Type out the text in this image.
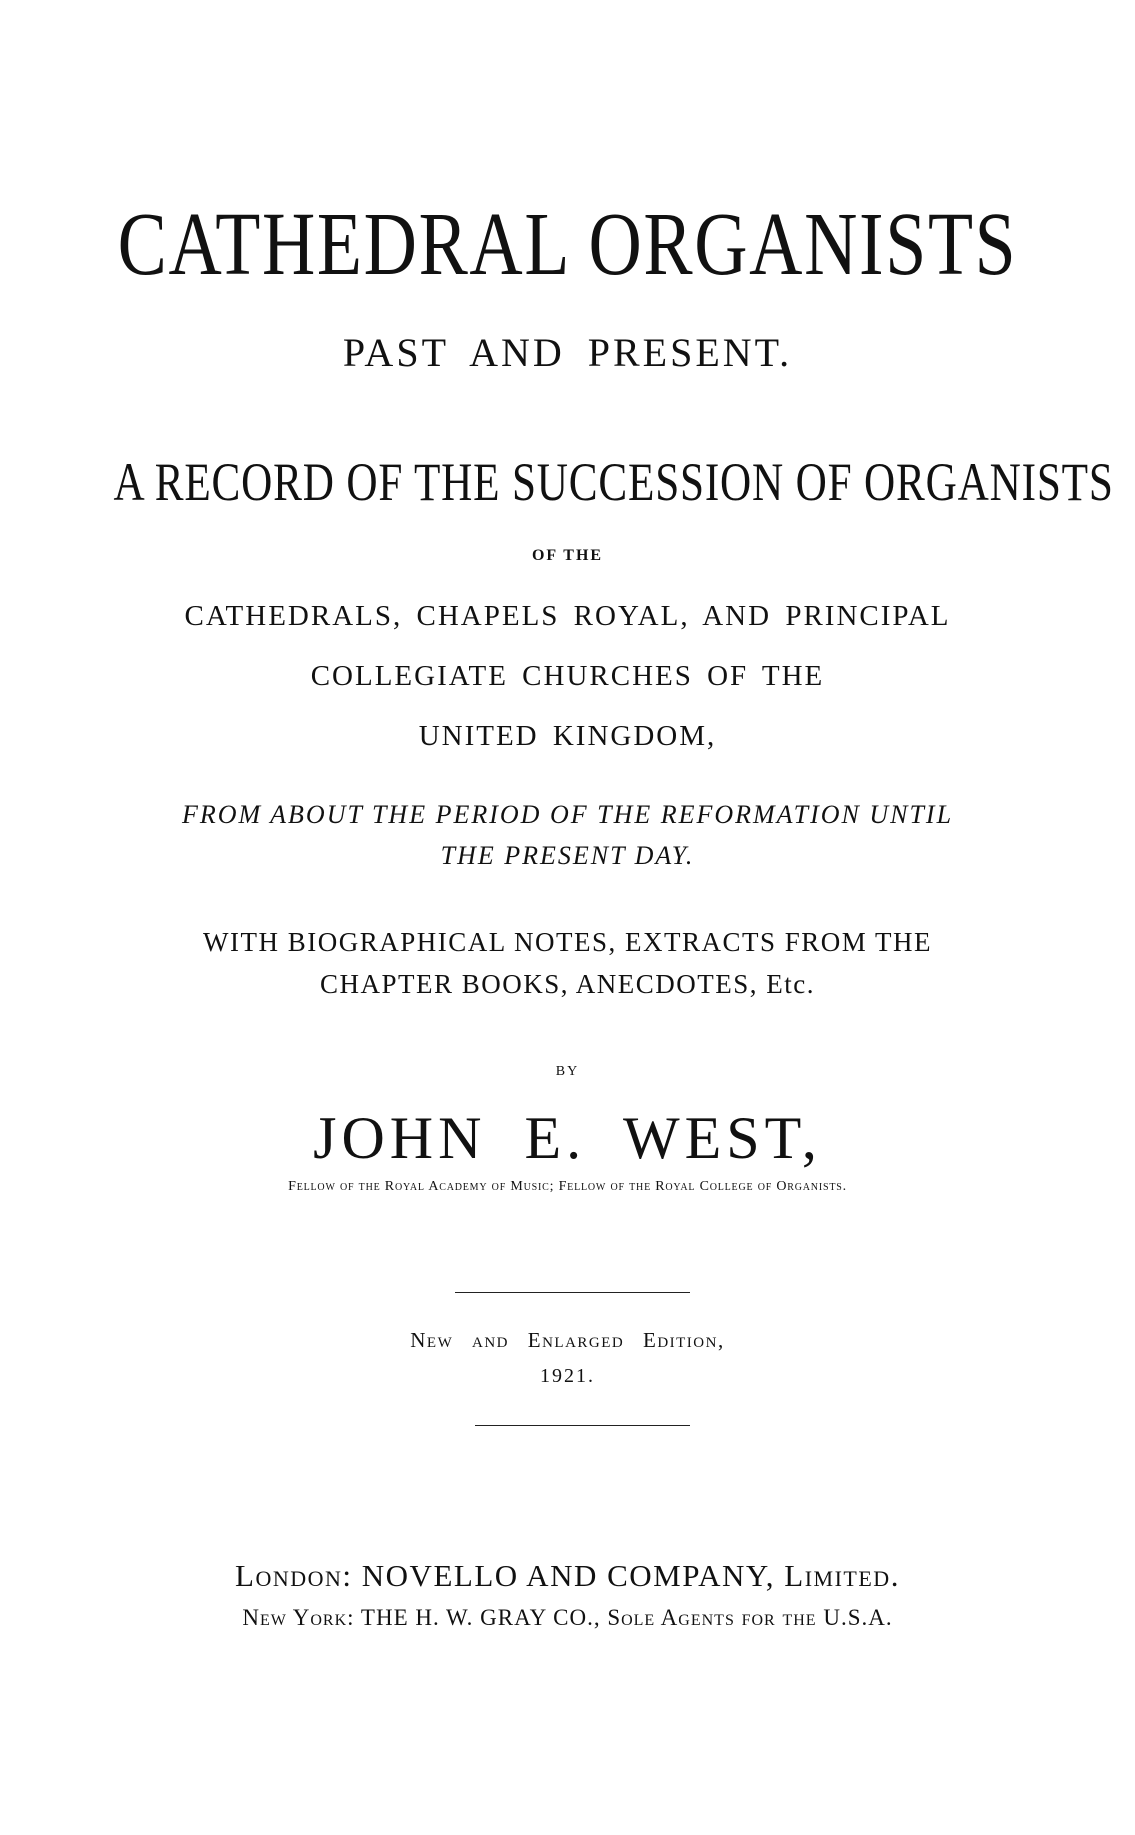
CATHEDRAL ORGANISTS
PAST AND PRESENT.
A RECORD OF THE SUCCESSION OF ORGANISTS
OF THE
CATHEDRALS, CHAPELS ROYAL, AND PRINCIPAL
COLLEGIATE CHURCHES OF THE
UNITED KINGDOM,
FROM ABOUT THE PERIOD OF THE REFORMATION UNTIL
THE PRESENT DAY.
WITH BIOGRAPHICAL NOTES, EXTRACTS FROM THE
CHAPTER BOOKS, ANECDOTES, Etc.
BY
JOHN E. WEST,
Fellow of the Royal Academy of Music; Fellow of the Royal College of Organists.
New and Enlarged Edition,
1921.
London: NOVELLO AND COMPANY, Limited.
New York: THE H. W. GRAY CO., Sole Agents for the U.S.A.
